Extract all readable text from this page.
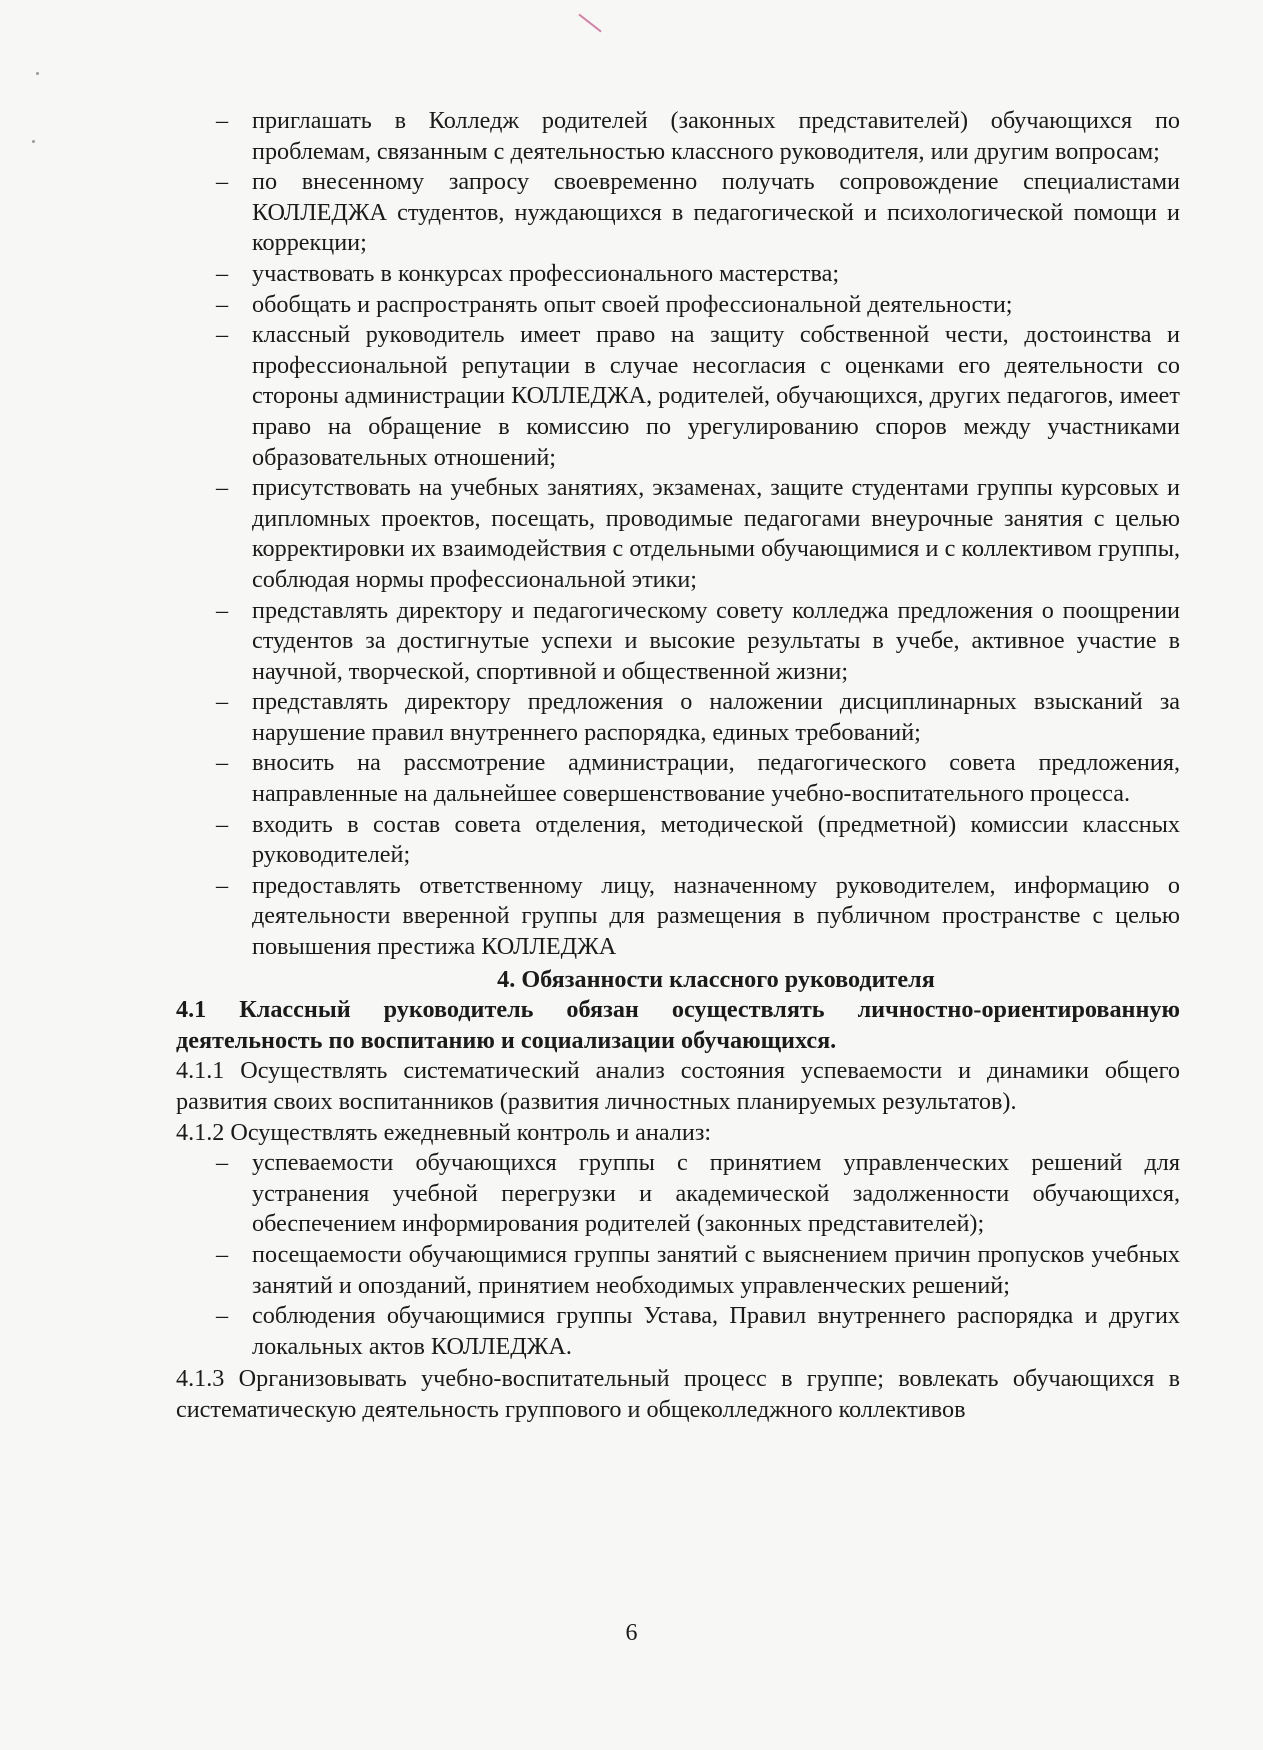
– приглашать в Колледж родителей (законных представителей) обучающихся по проблемам, связанным с деятельностью классного руководителя, или другим вопросам;
– по внесенному запросу своевременно получать сопровождение специалистами КОЛЛЕДЖА студентов, нуждающихся в педагогической и психологической помощи и коррекции;
– участвовать в конкурсах профессионального мастерства;
– обобщать и распространять опыт своей профессиональной деятельности;
– классный руководитель имеет право на защиту собственной чести, достоинства и профессиональной репутации в случае несогласия с оценками его деятельности со стороны администрации КОЛЛЕДЖА, родителей, обучающихся, других педагогов, имеет право на обращение в комиссию по урегулированию споров между участниками образовательных отношений;
– присутствовать на учебных занятиях, экзаменах, защите студентами группы курсовых и дипломных проектов, посещать, проводимые педагогами внеурочные занятия с целью корректировки их взаимодействия с отдельными обучающимися и с коллективом группы, соблюдая нормы профессиональной этики;
– представлять директору и педагогическому совету колледжа предложения о поощрении студентов за достигнутые успехи и высокие результаты в учебе, активное участие в научной, творческой, спортивной и общественной жизни;
– представлять директору предложения о наложении дисциплинарных взысканий за нарушение правил внутреннего распорядка, единых требований;
– вносить на рассмотрение администрации, педагогического совета предложения, направленные на дальнейшее совершенствование учебно-воспитательного процесса.
– входить в состав совета отделения, методической (предметной) комиссии классных руководителей;
– предоставлять ответственному лицу, назначенному руководителем, информацию о деятельности вверенной группы для размещения в публичном пространстве с целью повышения престижа КОЛЛЕДЖА
4. Обязанности классного руководителя

4.1 Классный руководитель обязан осуществлять личностно-ориентированную деятельность по воспитанию и социализации обучающихся.

4.1.1 Осуществлять систематический анализ состояния успеваемости и динамики общего развития своих воспитанников (развития личностных планируемых результатов).

4.1.2 Осуществлять ежедневный контроль и анализ:

– успеваемости обучающихся группы с принятием управленческих решений для устранения учебной перегрузки и академической задолженности обучающихся, обеспечением информирования родителей (законных представителей);
– посещаемости обучающимися группы занятий с выяснением причин пропусков учебных занятий и опозданий, принятием необходимых управленческих решений;
– соблюдения обучающимися группы Устава, Правил внутреннего распорядка и других локальных актов КОЛЛЕДЖА.

4.1.3 Организовывать учебно-воспитательный процесс в группе; вовлекать обучающихся в систематическую деятельность группового и общеколледжного коллективов

6
